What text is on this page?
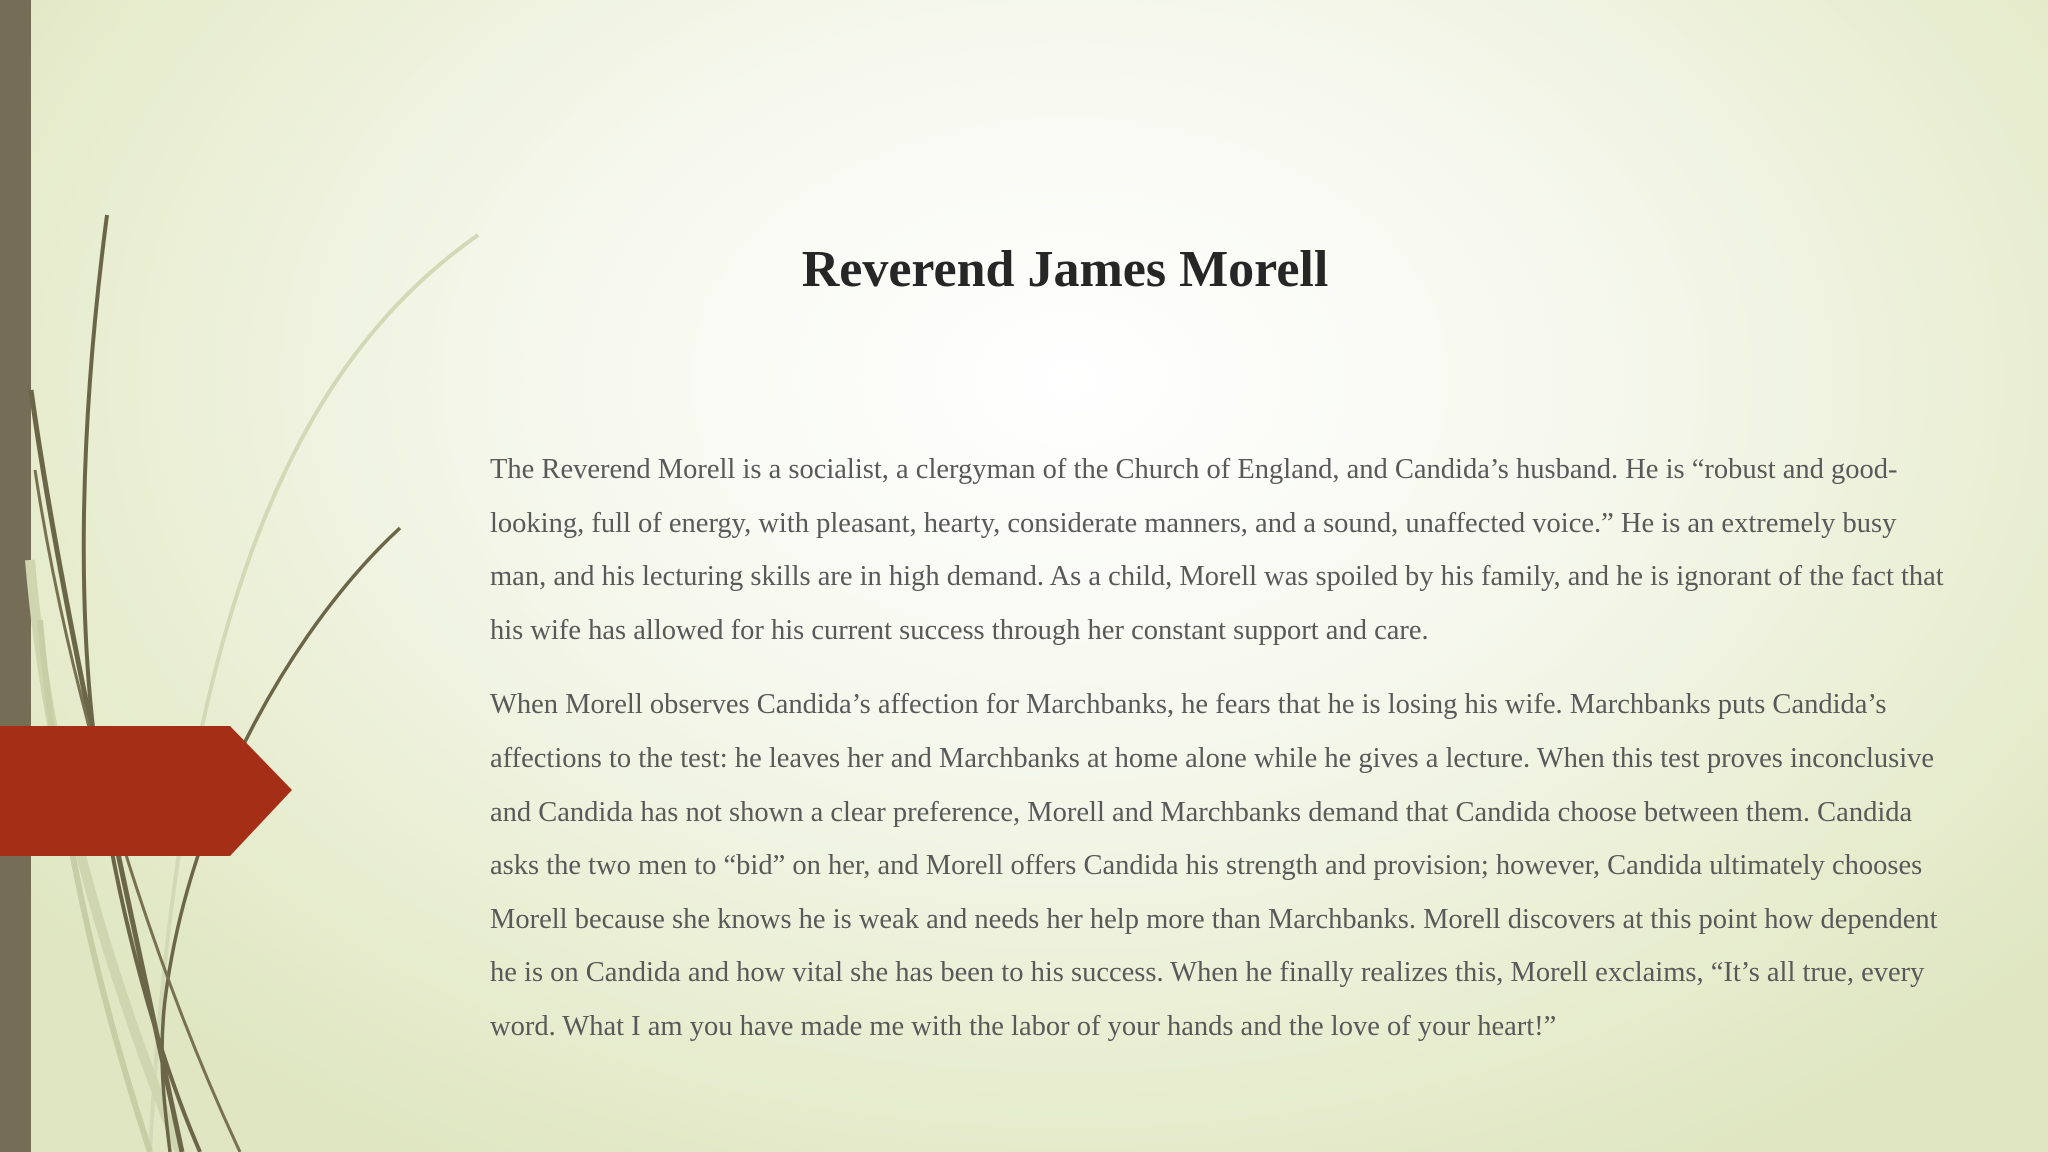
Reverend James Morell

The Reverend Morell is a socialist, a clergyman of the Church of England, and Candida’s husband. He is “robust and good-looking, full of energy, with pleasant, hearty, considerate manners, and a sound, unaffected voice.” He is an extremely busy man, and his lecturing skills are in high demand. As a child, Morell was spoiled by his family, and he is ignorant of the fact that his wife has allowed for his current success through her constant support and care.

When Morell observes Candida’s affection for Marchbanks, he fears that he is losing his wife. Marchbanks puts Candida’s affections to the test: he leaves her and Marchbanks at home alone while he gives a lecture. When this test proves inconclusive and Candida has not shown a clear preference, Morell and Marchbanks demand that Candida choose between them. Candida asks the two men to “bid” on her, and Morell offers Candida his strength and provision; however, Candida ultimately chooses Morell because she knows he is weak and needs her help more than Marchbanks. Morell discovers at this point how dependent he is on Candida and how vital she has been to his success. When he finally realizes this, Morell exclaims, “It’s all true, every word. What I am you have made me with the labor of your hands and the love of your heart!”
